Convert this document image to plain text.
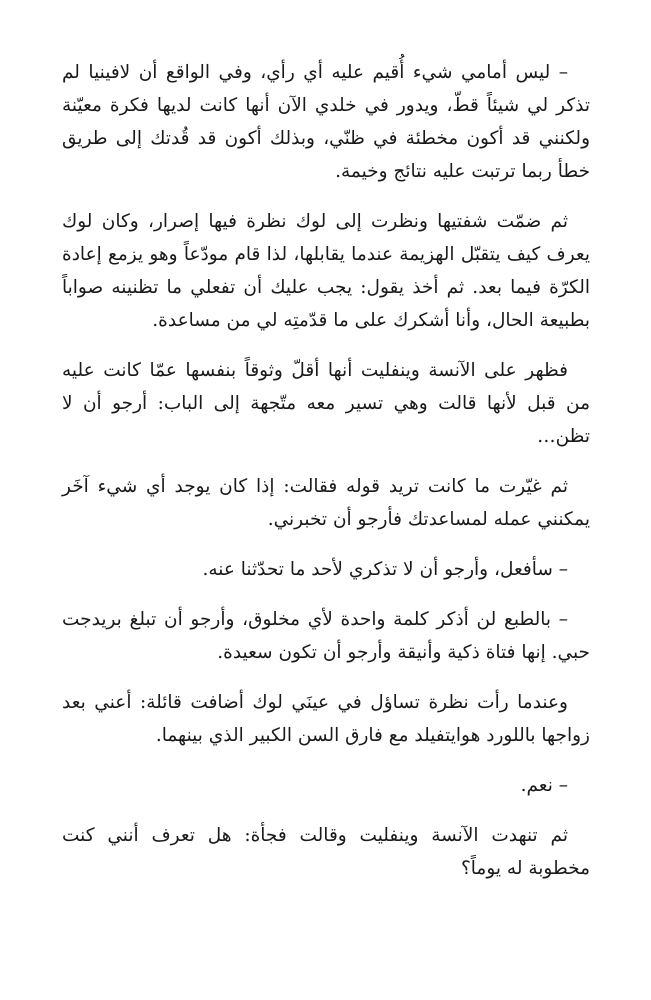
– ليس أمامي شيء أُقيم عليه أي رأي، وفي الواقع أن لافينيا لم تذكر لي شيئاً قطّ، ويدور في خلدي الآن أنها كانت لديها فكرة معيّنة ولكنني قد أكون مخطئة في ظنّي، وبذلك أكون قد قُدتك إلى طريق خطأ ربما ترتبت عليه نتائج وخيمة.

ثم ضمّت شفتيها ونظرت إلى لوك نظرة فيها إصرار، وكان لوك يعرف كيف يتقبّل الهزيمة عندما يقابلها، لذا قام مودّعاً وهو يزمع إعادة الكرّة فيما بعد. ثم أخذ يقول: يجب عليك أن تفعلي ما تظنينه صواباً بطبيعة الحال، وأنا أشكرك على ما قدّمتِه لي من مساعدة.

فظهر على الآنسة وينفليت أنها أقلّ وثوقاً بنفسها عمّا كانت عليه من قبل لأنها قالت وهي تسير معه متّجهة إلى الباب: أرجو أن لا تظن…

ثم غيّرت ما كانت تريد قوله فقالت: إذا كان يوجد أي شيء آخَر يمكنني عمله لمساعدتك فأرجو أن تخبرني.

– سأفعل، وأرجو أن لا تذكري لأحد ما تحدّثنا عنه.

– بالطبع لن أذكر كلمة واحدة لأي مخلوق، وأرجو أن تبلغ بريدجت حبي. إنها فتاة ذكية وأنيقة وأرجو أن تكون سعيدة.

وعندما رأت نظرة تساؤل في عينَي لوك أضافت قائلة: أعني بعد زواجها باللورد هوايتفيلد مع فارق السن الكبير الذي بينهما.

– نعم.

ثم تنهدت الآنسة وينفليت وقالت فجأة: هل تعرف أنني كنت مخطوبة له يوماً؟
